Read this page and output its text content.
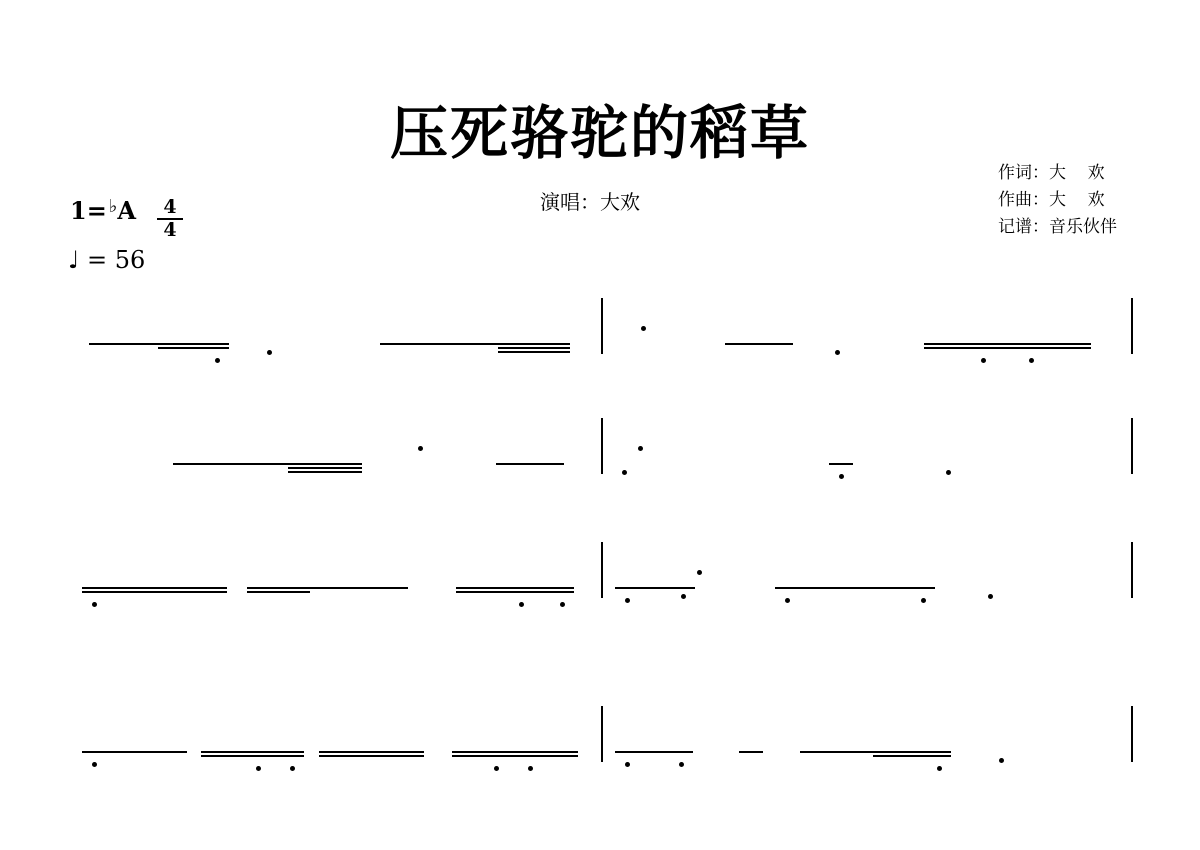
压死骆驼的稻草
演唱：大欢
作词：大    欢
作曲：大    欢
记谱：音乐伙伴
1= ♭A	4
4
♩ = 56
